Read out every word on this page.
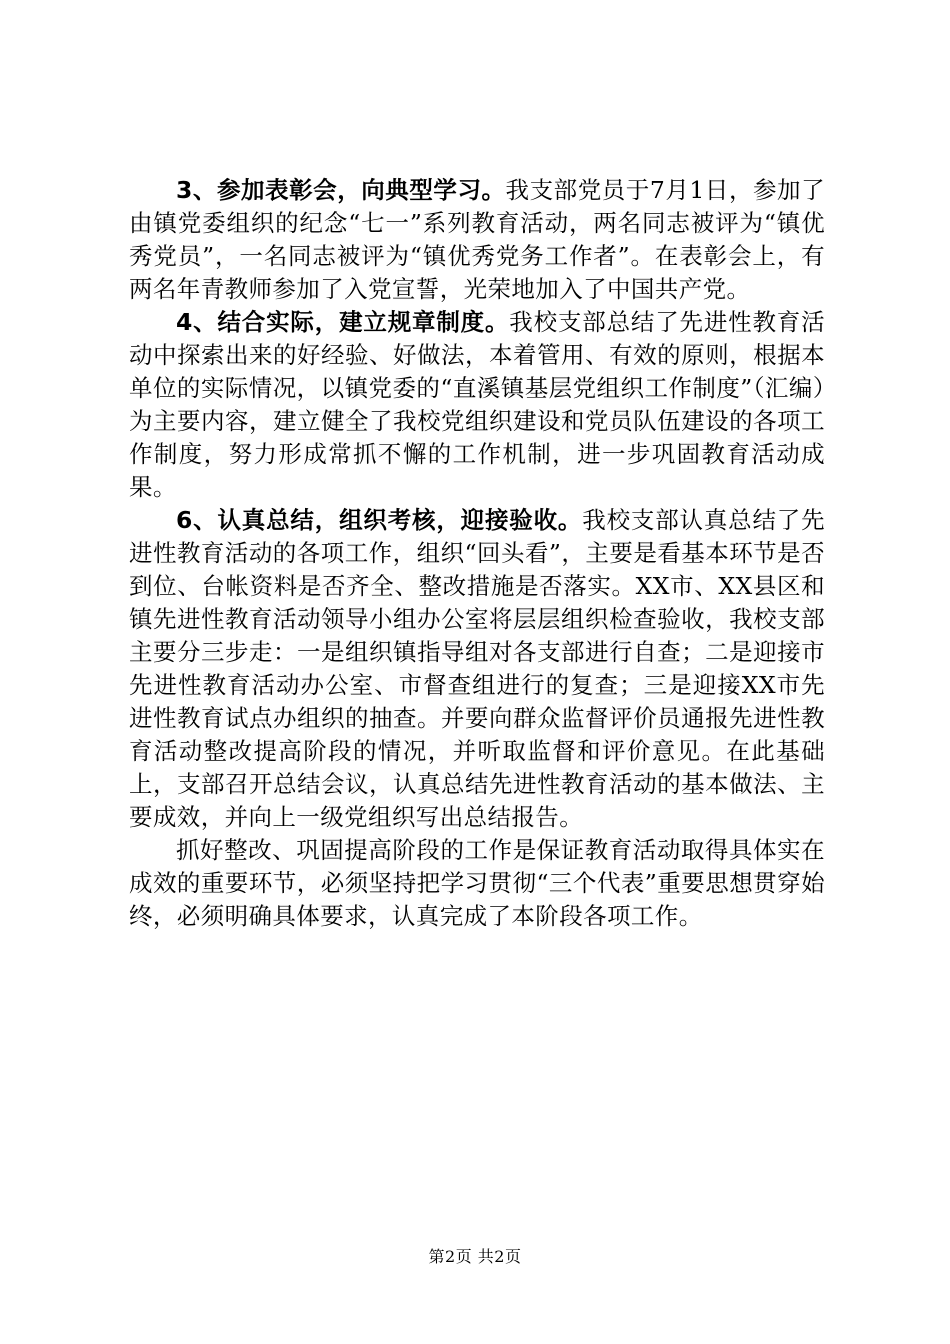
3、参加表彰会，向典型学习。我支部党员于7月1日，参加了由镇党委组织的纪念“七一”系列教育活动，两名同志被评为“镇优秀党员”，一名同志被评为“镇优秀党务工作者”。在表彰会上，有两名年青教师参加了入党宣誓，光荣地加入了中国共产党。

4、结合实际，建立规章制度。我校支部总结了先进性教育活动中探索出来的好经验、好做法，本着管用、有效的原则，根据本单位的实际情况，以镇党委的“直溪镇基层党组织工作制度”（汇编）为主要内容，建立健全了我校党组织建设和党员队伍建设的各项工作制度，努力形成常抓不懈的工作机制，进一步巩固教育活动成果。

6、认真总结，组织考核，迎接验收。我校支部认真总结了先进性教育活动的各项工作，组织“回头看”，主要是看基本环节是否到位、台帐资料是否齐全、整改措施是否落实。XX市、XX县区和镇先进性教育活动领导小组办公室将层层组织检查验收，我校支部主要分三步走：一是组织镇指导组对各支部进行自查；二是迎接市先进性教育活动办公室、市督查组进行的复查；三是迎接XX市先进性教育试点办组织的抽查。并要向群众监督评价员通报先进性教育活动整改提高阶段的情况，并听取监督和评价意见。在此基础上，支部召开总结会议，认真总结先进性教育活动的基本做法、主要成效，并向上一级党组织写出总结报告。

抓好整改、巩固提高阶段的工作是保证教育活动取得具体实在成效的重要环节，必须坚持把学习贯彻“三个代表”重要思想贯穿始终，必须明确具体要求，认真完成了本阶段各项工作。

第2页 共2页
